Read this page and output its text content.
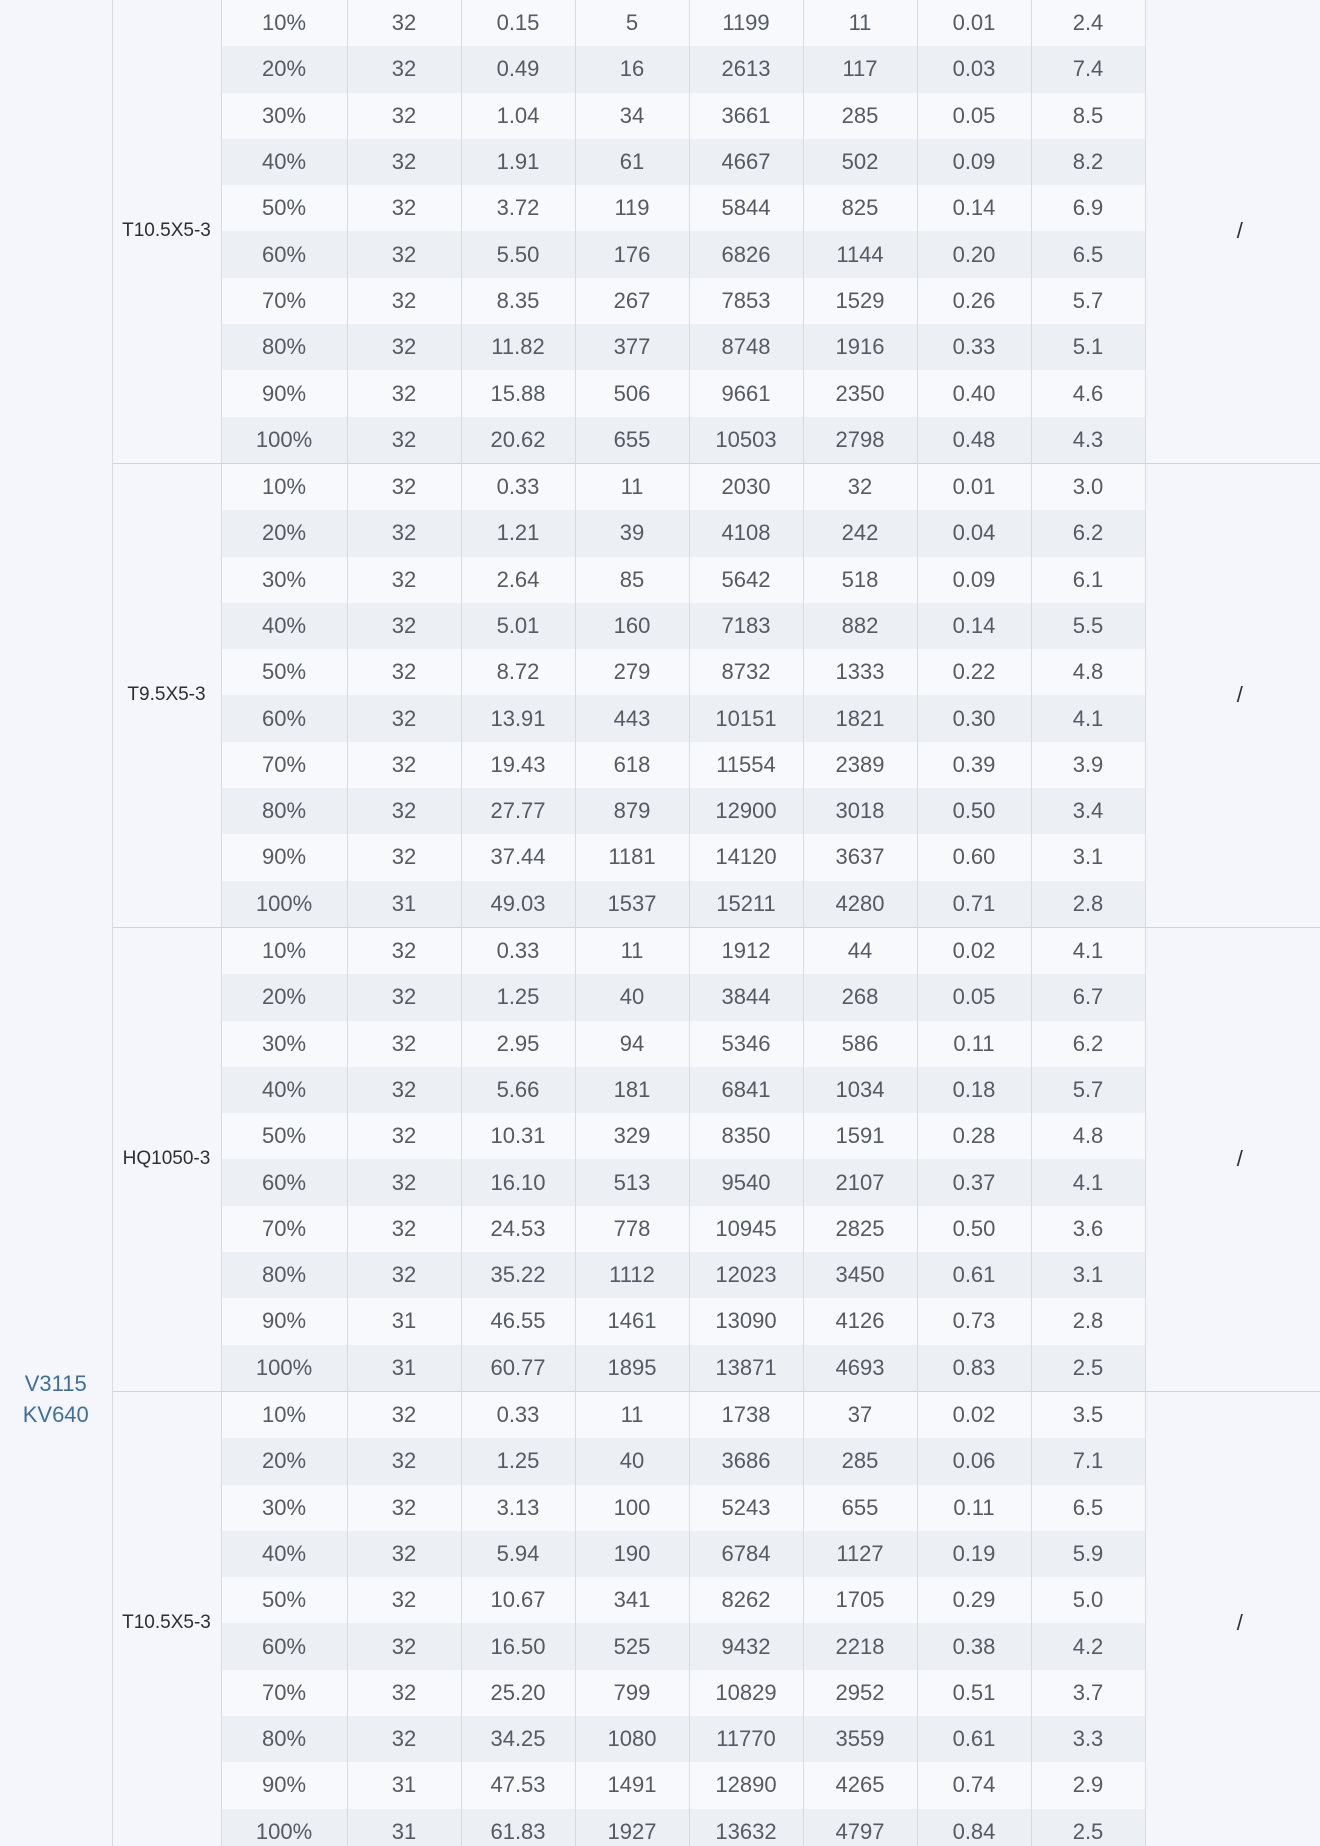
	T10.5X5-3	10%	32	0.15	5	1199	11	0.01	2.4	/
		20%	32	0.49	16	2613	117	0.03	7.4	
		30%	32	1.04	34	3661	285	0.05	8.5	
		40%	32	1.91	61	4667	502	0.09	8.2	
		50%	32	3.72	119	5844	825	0.14	6.9	
		60%	32	5.50	176	6826	1144	0.20	6.5	
		70%	32	8.35	267	7853	1529	0.26	5.7	
		80%	32	11.82	377	8748	1916	0.33	5.1	
		90%	32	15.88	506	9661	2350	0.40	4.6	
		100%	32	20.62	655	10503	2798	0.48	4.3	

V3115
KV640	T9.5X5-3	10%	32	0.33	11	2030	32	0.01	3.0	/
		20%	32	1.21	39	4108	242	0.04	6.2	
		30%	32	2.64	85	5642	518	0.09	6.1	
		40%	32	5.01	160	7183	882	0.14	5.5	
		50%	32	8.72	279	8732	1333	0.22	4.8	
		60%	32	13.91	443	10151	1821	0.30	4.1	
		70%	32	19.43	618	11554	2389	0.39	3.9	
		80%	32	27.77	879	12900	3018	0.50	3.4	
		90%	32	37.44	1181	14120	3637	0.60	3.1	
		100%	31	49.03	1537	15211	4280	0.71	2.8	
	HQ1050-3	10%	32	0.33	11	1912	44	0.02	4.1	/
		20%	32	1.25	40	3844	268	0.05	6.7	
		30%	32	2.95	94	5346	586	0.11	6.2	
		40%	32	5.66	181	6841	1034	0.18	5.7	
		50%	32	10.31	329	8350	1591	0.28	4.8	
		60%	32	16.10	513	9540	2107	0.37	4.1	
		70%	32	24.53	778	10945	2825	0.50	3.6	
		80%	32	35.22	1112	12023	3450	0.61	3.1	
		90%	31	46.55	1461	13090	4126	0.73	2.8	
		100%	31	60.77	1895	13871	4693	0.83	2.5	
	T10.5X5-3	10%	32	0.33	11	1738	37	0.02	3.5	/
		20%	32	1.25	40	3686	285	0.06	7.1	
		30%	32	3.13	100	5243	655	0.11	6.5	
		40%	32	5.94	190	6784	1127	0.19	5.9	
		50%	32	10.67	341	8262	1705	0.29	5.0	
		60%	32	16.50	525	9432	2218	0.38	4.2	
		70%	32	25.20	799	10829	2952	0.51	3.7	
		80%	32	34.25	1080	11770	3559	0.61	3.3	
		90%	31	47.53	1491	12890	4265	0.74	2.9	
		100%	31	61.83	1927	13632	4797	0.84	2.5	
